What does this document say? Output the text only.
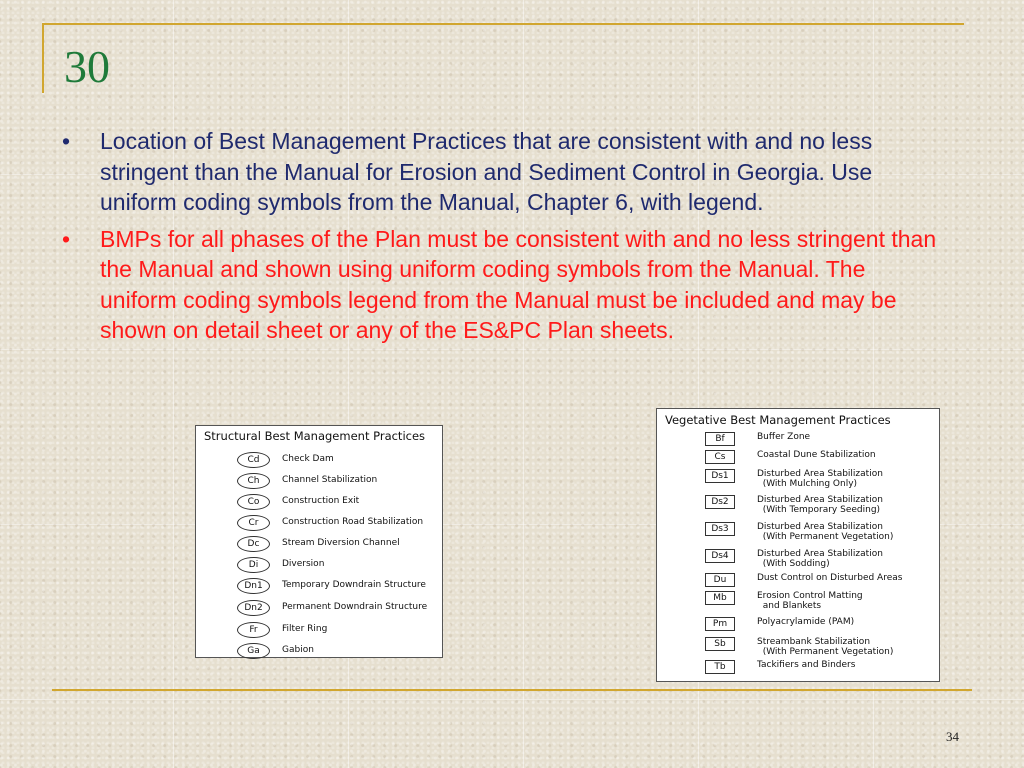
30
• Location of Best Management Practices that are consistent with and no less stringent than the Manual for Erosion and Sediment Control in Georgia. Use uniform coding symbols from the Manual, Chapter 6, with legend.
• BMPs for all phases of the Plan must be consistent with and no less stringent than the Manual and shown using uniform coding symbols from the Manual. The uniform coding symbols legend from the Manual must be included and may be shown on detail sheet or any of the ES&PC Plan sheets.
Structural Best Management Practices
Cd	Check Dam
Ch	Channel Stabilization
Co	Construction Exit
Cr	Construction Road Stabilization
Dc	Stream Diversion Channel
Di	Diversion
Dn1	Temporary Downdrain Structure
Dn2	Permanent Downdrain Structure
Fr	Filter Ring
Ga	Gabion
Vegetative Best Management Practices
Bf	Buffer Zone
Cs	Coastal Dune Stabilization
Ds1	Disturbed Area Stabilization
(With Mulching Only)
Ds2	Disturbed Area Stabilization
(With Temporary Seeding)
Ds3	Disturbed Area Stabilization
(With Permanent Vegetation)
Ds4	Disturbed Area Stabilization
(With Sodding)
Du	Dust Control on Disturbed Areas
Mb	Erosion Control Matting
and Blankets
Pm	Polyacrylamide (PAM)
Sb	Streambank Stabilization
(With Permanent Vegetation)
Tb	Tackifiers and Binders
34
